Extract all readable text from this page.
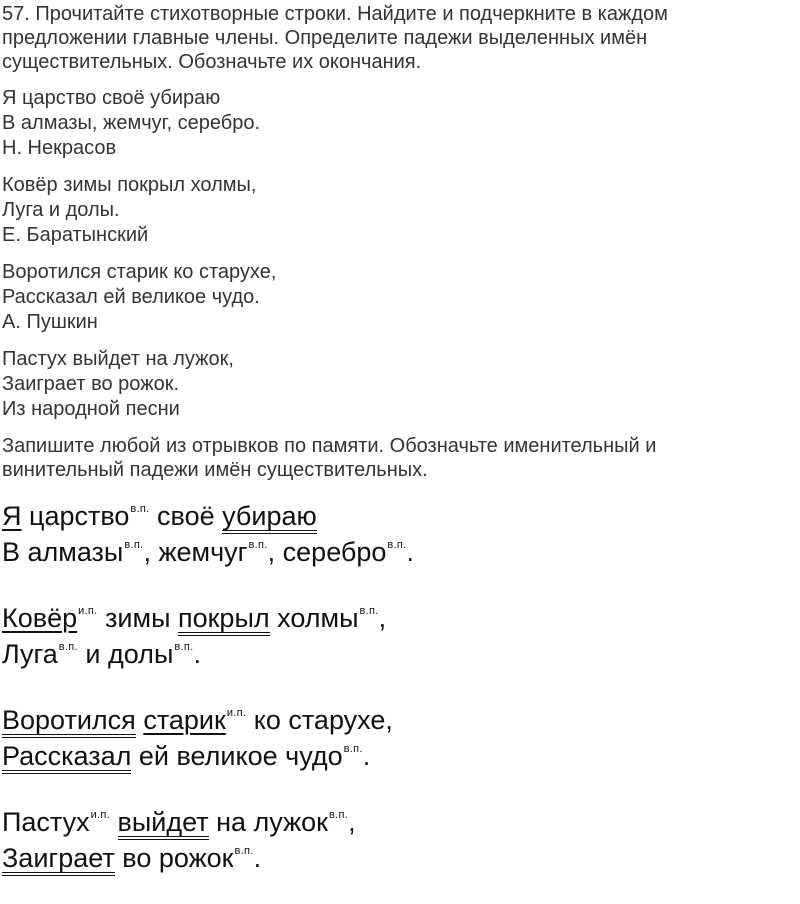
57. Прочитайте стихотворные строки. Найдите и подчеркните в каждом
предложении главные члены. Определите падежи выделенных имён
существительных. Обозначьте их окончания.
Я царство своё убираю
В алмазы, жемчуг, серебро.
Н. Некрасов
Ковёр зимы покрыл холмы,
Луга и долы.
Е. Баратынский
Воротился старик ко старухе,
Рассказал ей великое чудо.
А. Пушкин
Пастух выйдет на лужок,
Заиграет во рожок.
Из народной песни
Запишите любой из отрывков по памяти. Обозначьте именительный и
винительный падежи имён существительных.
Я царство$^{в.п.}$ своё убираю
В алмазы$^{в.п.}$, жемчуг$^{в.п.}$, серебро$^{в.п.}$.
Ковёр$^{и.п.}$ зимы покрыл холмы$^{в.п.}$,
Луга$^{в.п.}$ и долы$^{в.п.}$.
Воротился старик$^{и.п.}$ ко старухе,
Рассказал ей великое чудо$^{в.п.}$.
Пастух$^{и.п.}$ выйдет на лужок$^{в.п.}$,
Заиграет во рожок$^{в.п.}$.
